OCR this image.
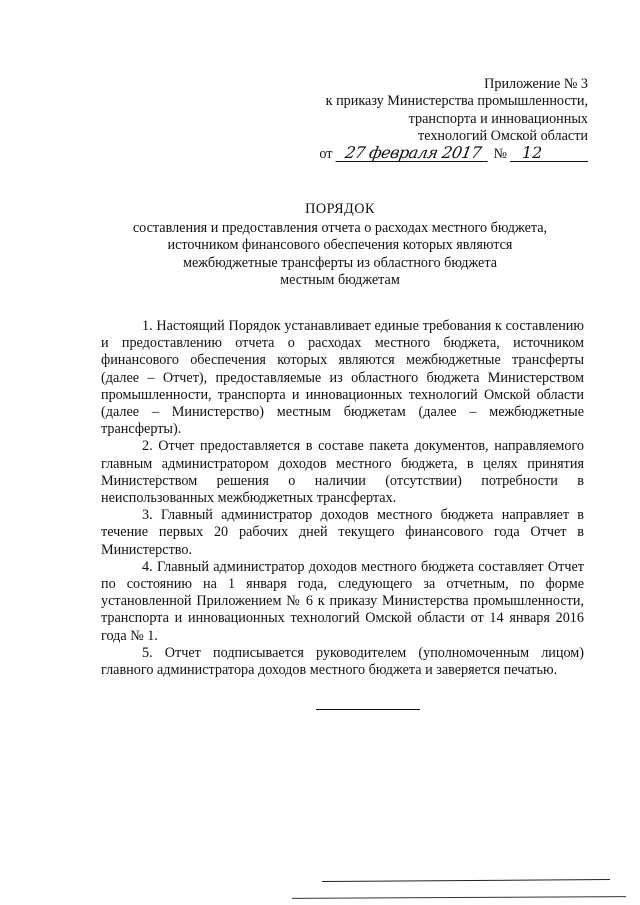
Приложение № 3
к приказу Министерства промышленности,
транспорта и инновационных
технологий Омской области
от 27 февраля 2017 № 12
ПОРЯДОК
составления и предоставления отчета о расходах местного бюджета,
источником финансового обеспечения которых являются
межбюджетные трансферты из областного бюджета
местным бюджетам

1. Настоящий Порядок устанавливает единые требования к составлению и предоставлению отчета о расходах местного бюджета, источником финансового обеспечения которых являются межбюджетные трансферты (далее – Отчет), предоставляемые из областного бюджета Министерством промышленности, транспорта и инновационных технологий Омской области (далее – Министерство) местным бюджетам (далее – межбюджетные трансферты).

2. Отчет предоставляется в составе пакета документов, направляемого главным администратором доходов местного бюджета, в целях принятия Министерством решения о наличии (отсутствии) потребности в неиспользованных межбюджетных трансфертах.

3. Главный администратор доходов местного бюджета направляет в течение первых 20 рабочих дней текущего финансового года Отчет в Министерство.

4. Главный администратор доходов местного бюджета составляет Отчет по состоянию на 1 января года, следующего за отчетным, по форме установленной Приложением № 6 к приказу Министерства промышленности, транспорта и инновационных технологий Омской области от 14 января 2016 года № 1.

5. Отчет подписывается руководителем (уполномоченным лицом) главного администратора доходов местного бюджета и заверяется печатью.
